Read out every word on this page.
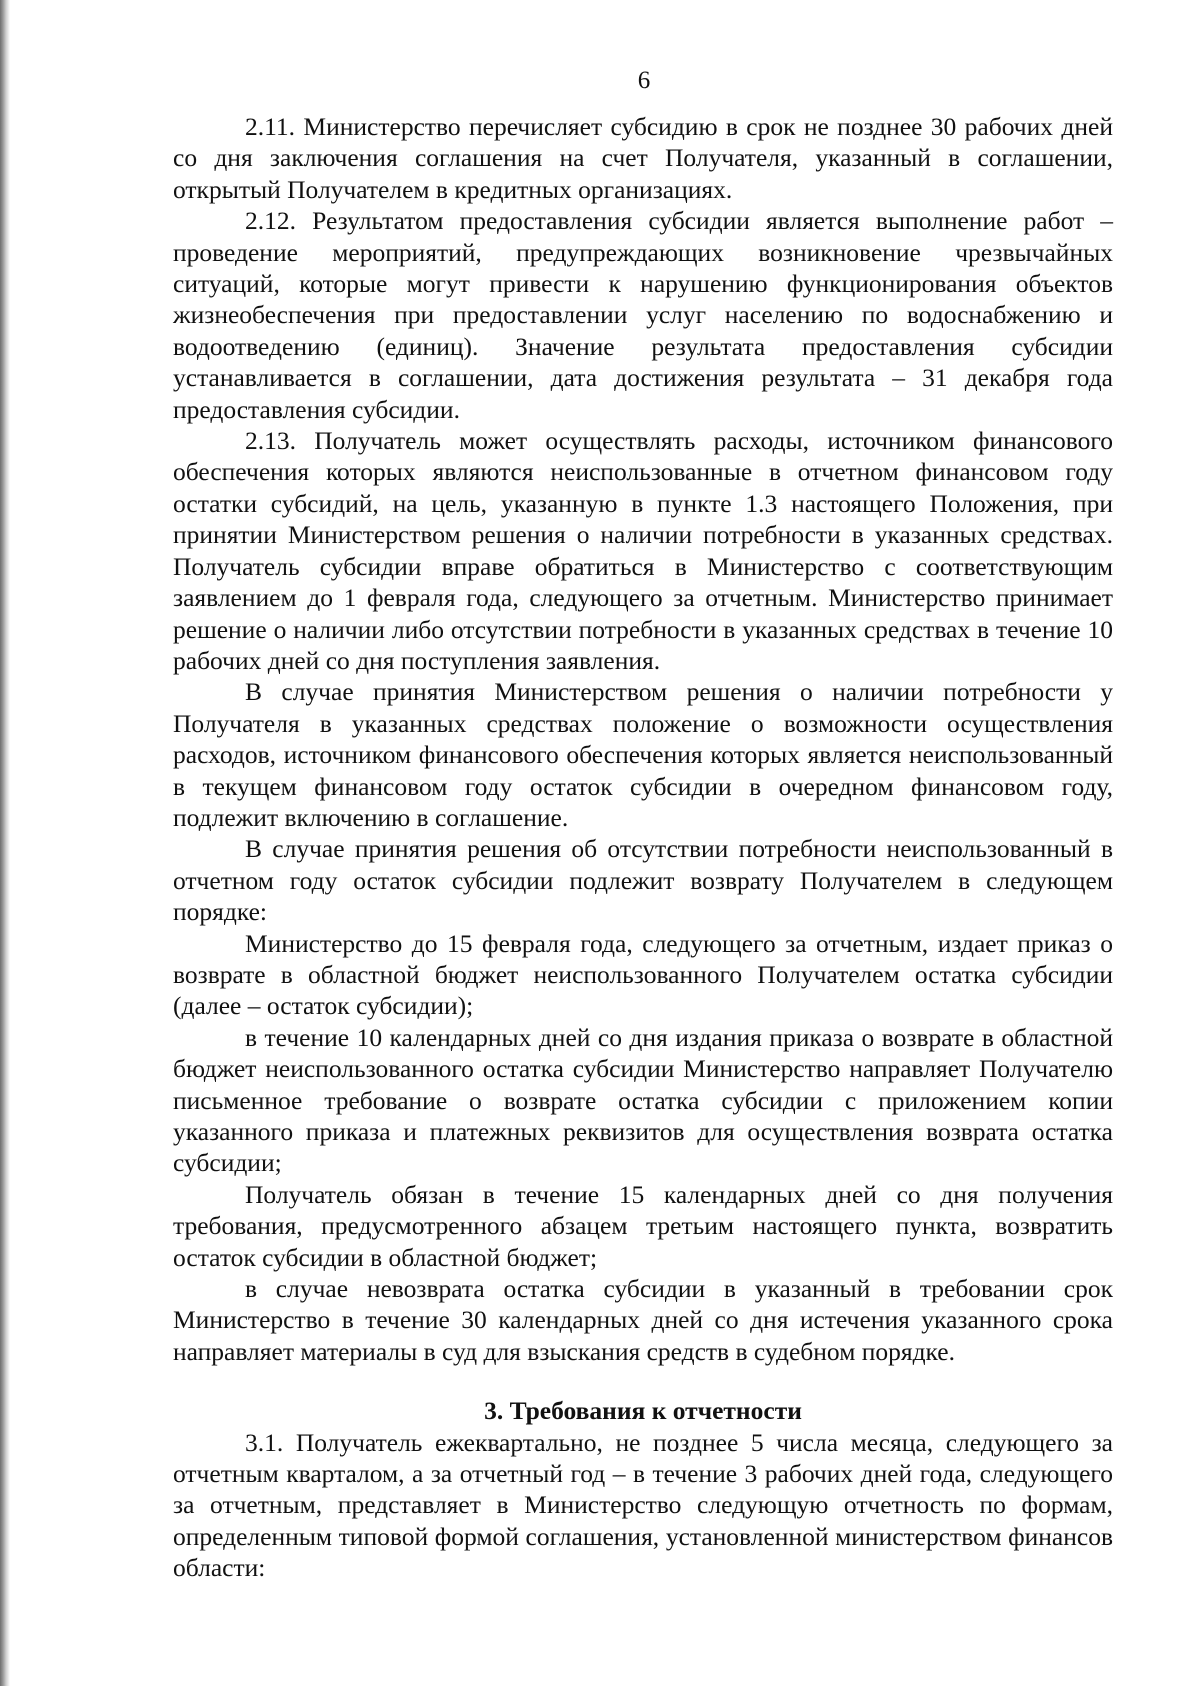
6

2.11. Министерство перечисляет субсидию в срок не позднее 30 рабочих дней со дня заключения соглашения на счет Получателя, указанный в соглашении, открытый Получателем в кредитных организациях.

2.12. Результатом предоставления субсидии является выполнение работ – проведение мероприятий, предупреждающих возникновение чрезвычайных ситуаций, которые могут привести к нарушению функционирования объектов жизнеобеспечения при предоставлении услуг населению по водоснабжению и водоотведению (единиц). Значение результата предоставления субсидии устанавливается в соглашении, дата достижения результата – 31 декабря года предоставления субсидии.

2.13. Получатель может осуществлять расходы, источником финансового обеспечения которых являются неиспользованные в отчетном финансовом году остатки субсидий, на цель, указанную в пункте 1.3 настоящего Положения, при принятии Министерством решения о наличии потребности в указанных средствах. Получатель субсидии вправе обратиться в Министерство с соответствующим заявлением до 1 февраля года, следующего за отчетным. Министерство принимает решение о наличии либо отсутствии потребности в указанных средствах в течение 10 рабочих дней со дня поступления заявления.

В случае принятия Министерством решения о наличии потребности у Получателя в указанных средствах положение о возможности осуществления расходов, источником финансового обеспечения которых является неиспользованный в текущем финансовом году остаток субсидии в очередном финансовом году, подлежит включению в соглашение.

В случае принятия решения об отсутствии потребности неиспользованный в отчетном году остаток субсидии подлежит возврату Получателем в следующем порядке:

Министерство до 15 февраля года, следующего за отчетным, издает приказ о возврате в областной бюджет неиспользованного Получателем остатка субсидии (далее – остаток субсидии);

в течение 10 календарных дней со дня издания приказа о возврате в областной бюджет неиспользованного остатка субсидии Министерство направляет Получателю письменное требование о возврате остатка субсидии с приложением копии указанного приказа и платежных реквизитов для осуществления возврата остатка субсидии;

Получатель обязан в течение 15 календарных дней со дня получения требования, предусмотренного абзацем третьим настоящего пункта, возвратить остаток субсидии в областной бюджет;

в случае невозврата остатка субсидии в указанный в требовании срок Министерство в течение 30 календарных дней со дня истечения указанного срока направляет материалы в суд для взыскания средств в судебном порядке.

3. Требования к отчетности

3.1. Получатель ежеквартально, не позднее 5 числа месяца, следующего за отчетным кварталом, а за отчетный год – в течение 3 рабочих дней года, следующего за отчетным, представляет в Министерство следующую отчетность по формам, определенным типовой формой соглашения, установленной министерством финансов области:
